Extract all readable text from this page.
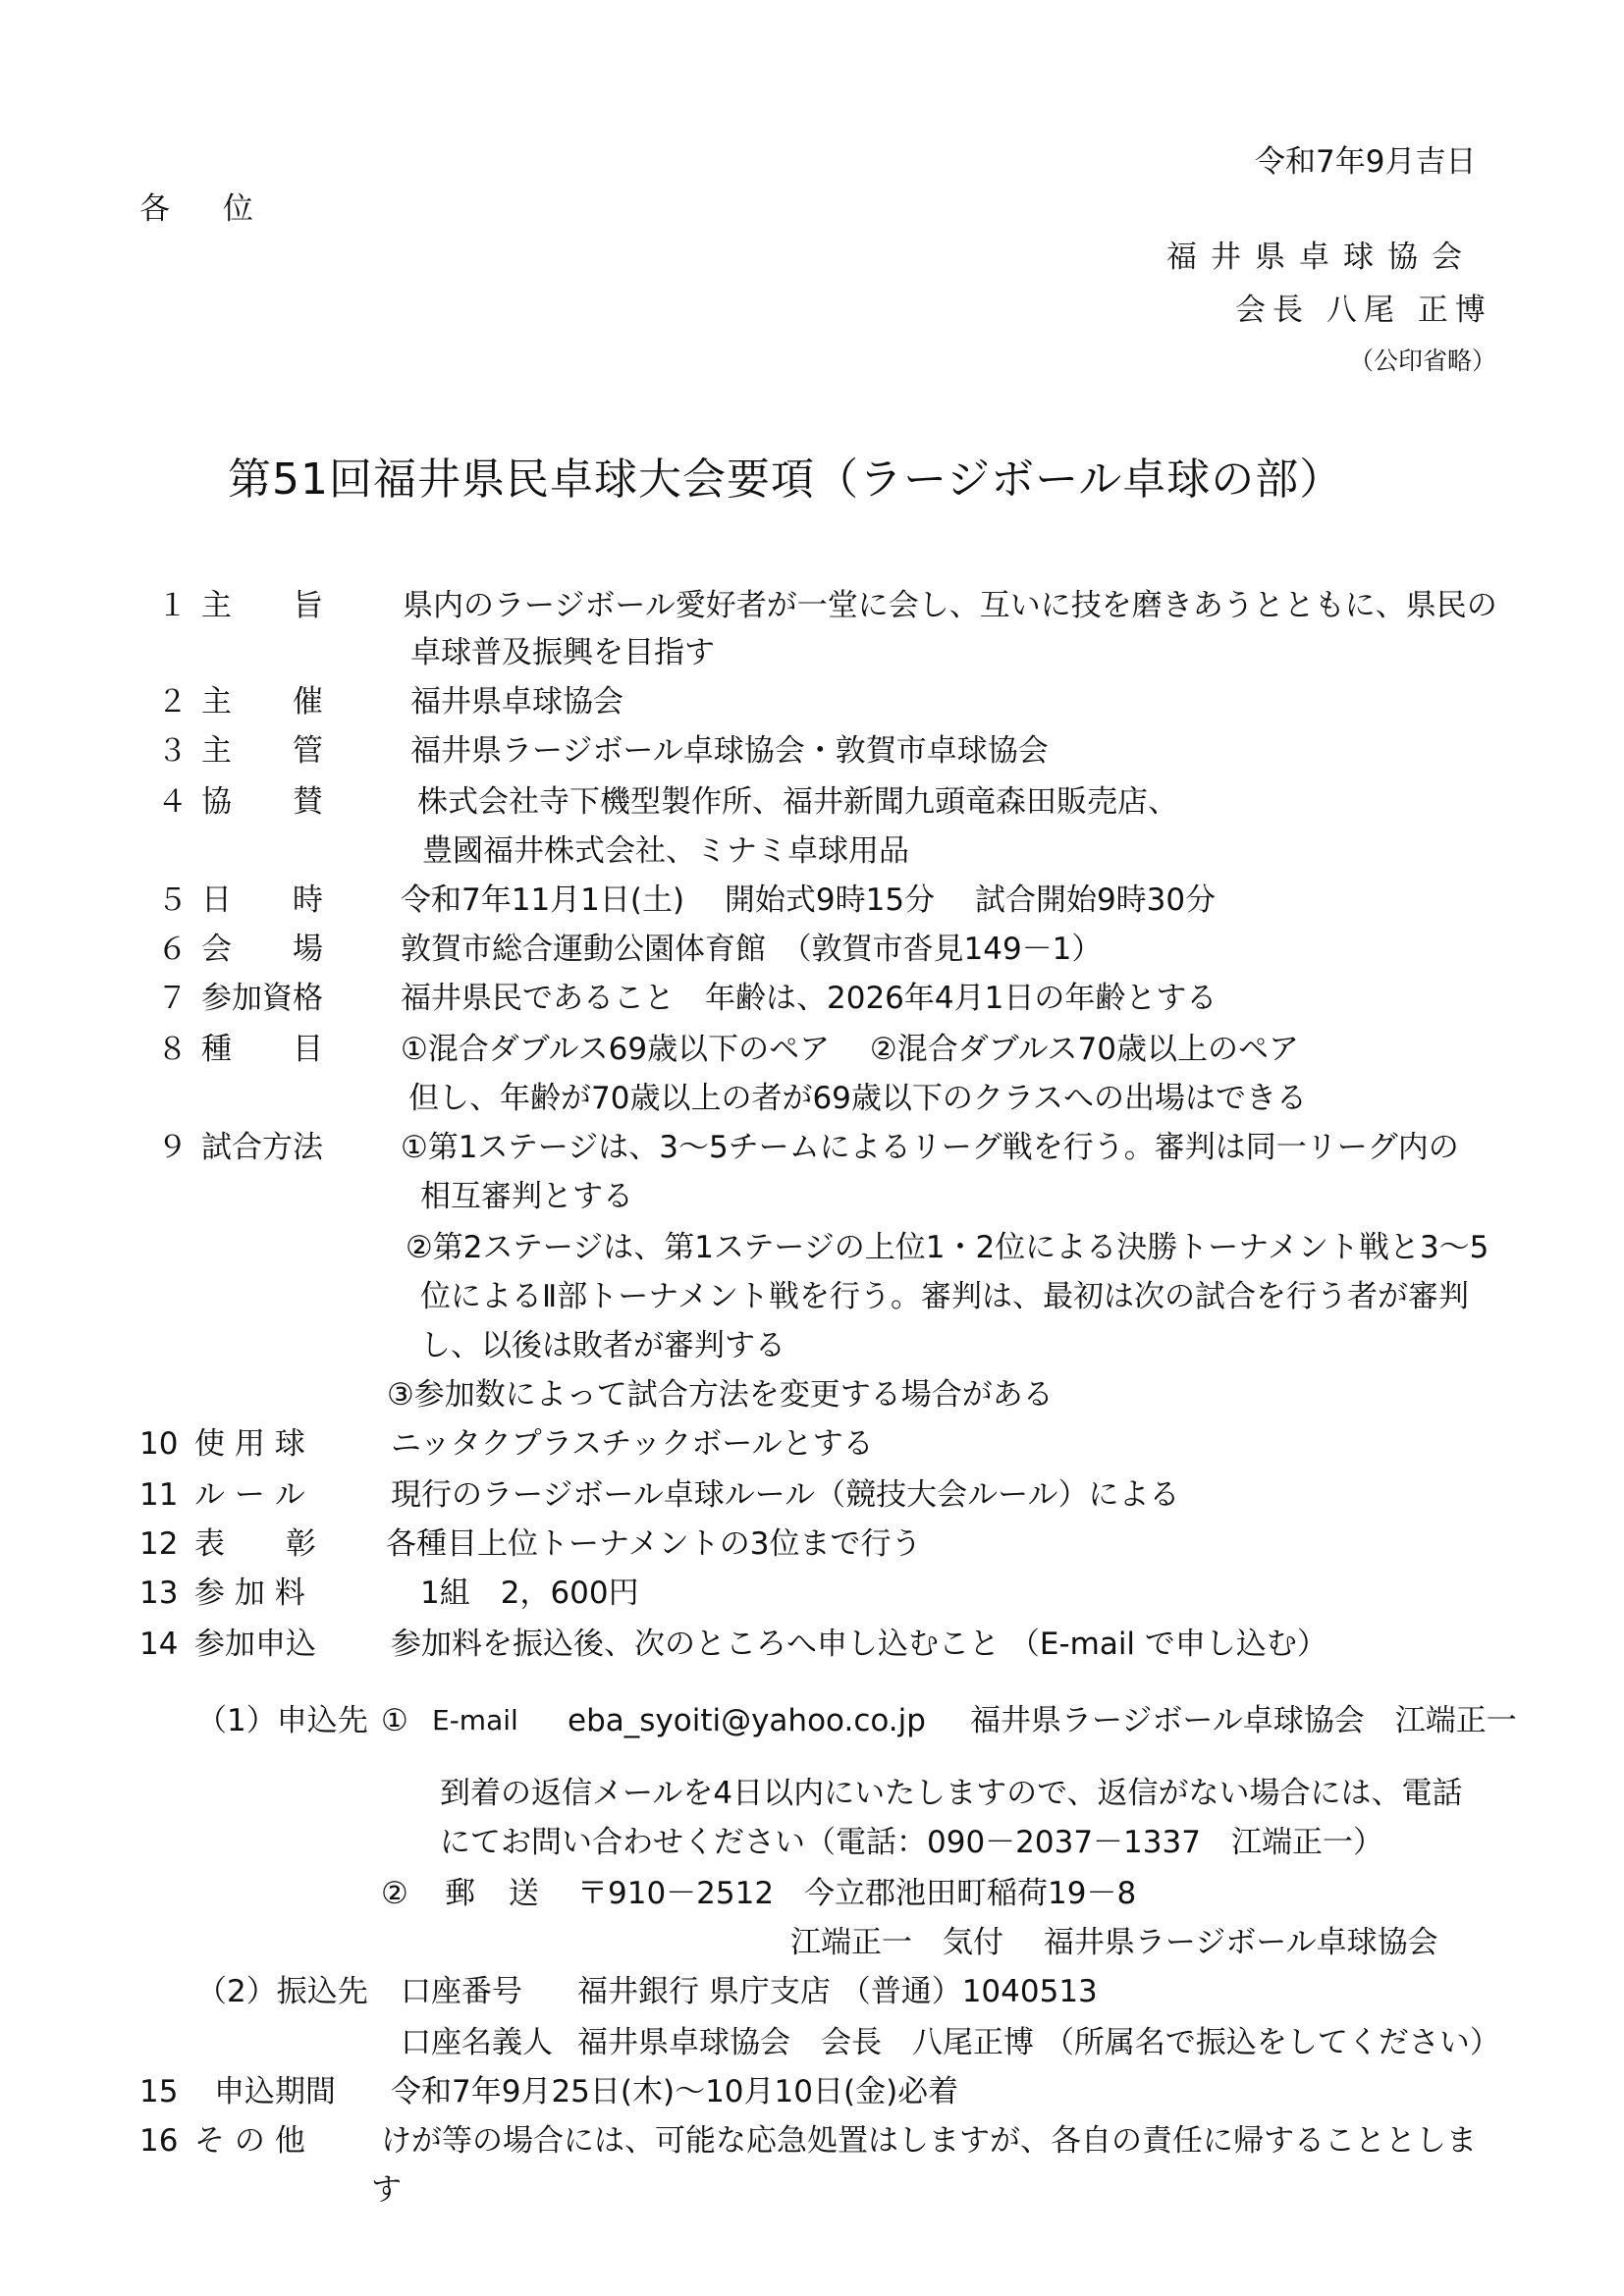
令和7年9月吉日
各 位
福井県卓球協会
会長 八尾 正博
（公印省略）
第51回福井県民卓球大会要項（ラージボール卓球の部）
１ 主　　旨	県内のラージボール愛好者が一堂に会し、互いに技を磨きあうとともに、県民の
卓球普及振興を目指す
２ 主　　催	福井県卓球協会
３ 主　　管	福井県ラージボール卓球協会・敦賀市卓球協会
４ 協　　賛	株式会社寺下機型製作所、福井新聞九頭竜森田販売店、
豊國福井株式会社、ミナミ卓球用品
５ 日　　時	令和7年11月1日(土)　 開始式9時15分　 試合開始9時30分
６ 会　　場	敦賀市総合運動公園体育館　（敦賀市沓見149－1）
７ 参加資格	福井県民であること　年齢は、2026年4月1日の年齢とする
８ 種　　目	①混合ダブルス69歳以下のペア　 ②混合ダブルス70歳以上のペア
但し、年齢が70歳以上の者が69歳以下のクラスへの出場はできる
９ 試合方法	①第1ステージは、3～5チームによるリーグ戦を行う。審判は同一リーグ内の
相互審判とする
②第2ステージは、第1ステージの上位1・2位による決勝トーナメント戦と3～5
位によるⅡ部トーナメント戦を行う。審判は、最初は次の試合を行う者が審判
し、以後は敗者が審判する
③参加数によって試合方法を変更する場合がある
10 使 用 球	ニッタクプラスチックボールとする
11 ル ー ル	現行のラージボール卓球ルール（競技大会ルール）による
12 表　　彰 各種目上位トーナメントの3位まで行う
13 参 加 料	1組　2，600円
14 参加申込 参加料を振込後、次のところへ申し込むこと （E-mail で申し込む）
（1）申込先 ① E-mail eba_syoiti@yahoo.co.jp 福井県ラージボール卓球協会　江端正一
到着の返信メールを4日以内にいたしますので、返信がない場合には、電話
にてお問い合わせください（電話：090－2037－1337　江端正一）
② 郵 送 〒910－2512　今立郡池田町稲荷19－8
江端正一　気付　 福井県ラージボール卓球協会
（2）振込先 口座番号 福井銀行 県庁支店 （普通）1040513
口座名義人 福井県卓球協会　会長　八尾正博 （所属名で振込をしてください）
15 申込期間 令和7年9月25日(木)～10月10日(金)必着
16 そ の 他 けが等の場合には、可能な応急処置はしますが、各自の責任に帰することとしま
す
